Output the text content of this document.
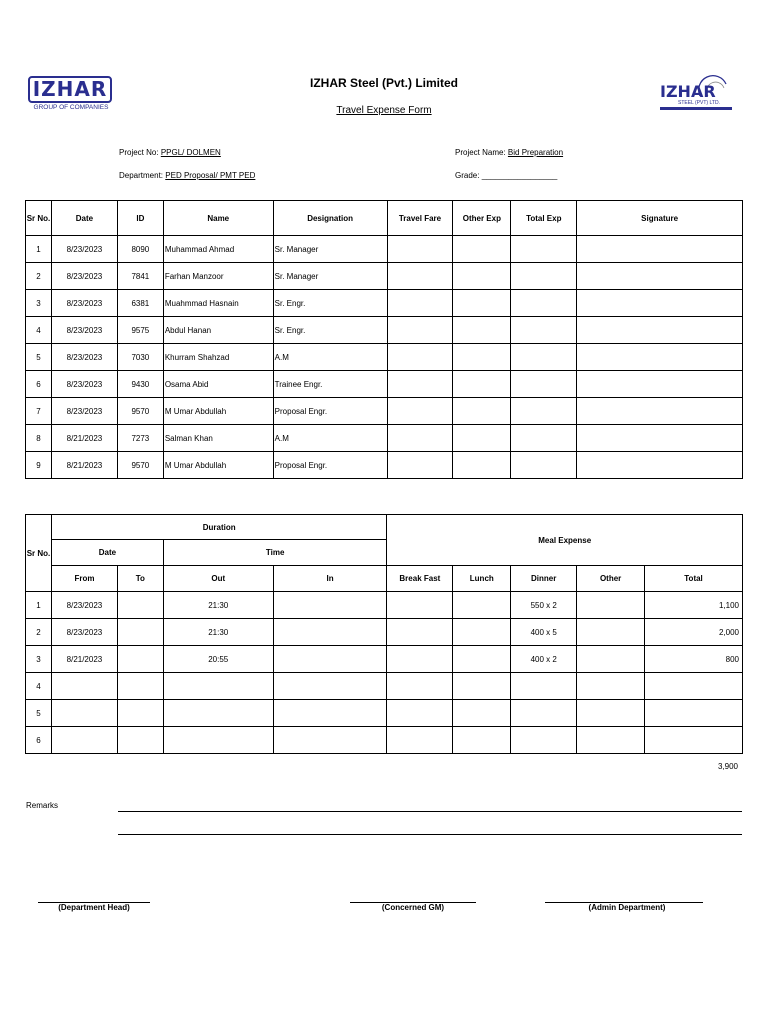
IZHAR
GROUP OF COMPANIES
IZHAR
STEEL (PVT) LTD.
IZHAR Steel (Pvt.) Limited
Travel Expense Form
Project No: PPGL/ DOLMEN	Project Name: Bid Preparation
Department: PED Proposal/ PMT PED	Grade: _________________
Sr No.	Date	ID	Name	Designation	Travel Fare	Other Exp	Total Exp	Signature
1	8/23/2023	8090	Muhammad Ahmad	Sr. Manager				
2	8/23/2023	7841	Farhan Manzoor	Sr. Manager				
3	8/23/2023	6381	Muahmmad Hasnain	Sr. Engr.				
4	8/23/2023	9575	Abdul Hanan	Sr. Engr.				
5	8/23/2023	7030	Khurram Shahzad	A.M				
6	8/23/2023	9430	Osama Abid	Trainee Engr.				
7	8/23/2023	9570	M Umar Abdullah	Proposal Engr.				
8	8/21/2023	7273	Salman Khan	A.M				
9	8/21/2023	9570	M Umar Abdullah	Proposal Engr.				
Sr No.	Duration				Meal Expense				
	Date		Time						
	From	To	Out	In	Break Fast	Lunch	Dinner	Other	Total
1	8/23/2023		21:30				550 x 2		1,100
2	8/23/2023		21:30				400 x 5		2,000
3	8/21/2023		20:55				400 x 2		800
4									
5									
6									
3,900
Remarks
(Department Head)	(Concerned GM)	(Admin Department)
